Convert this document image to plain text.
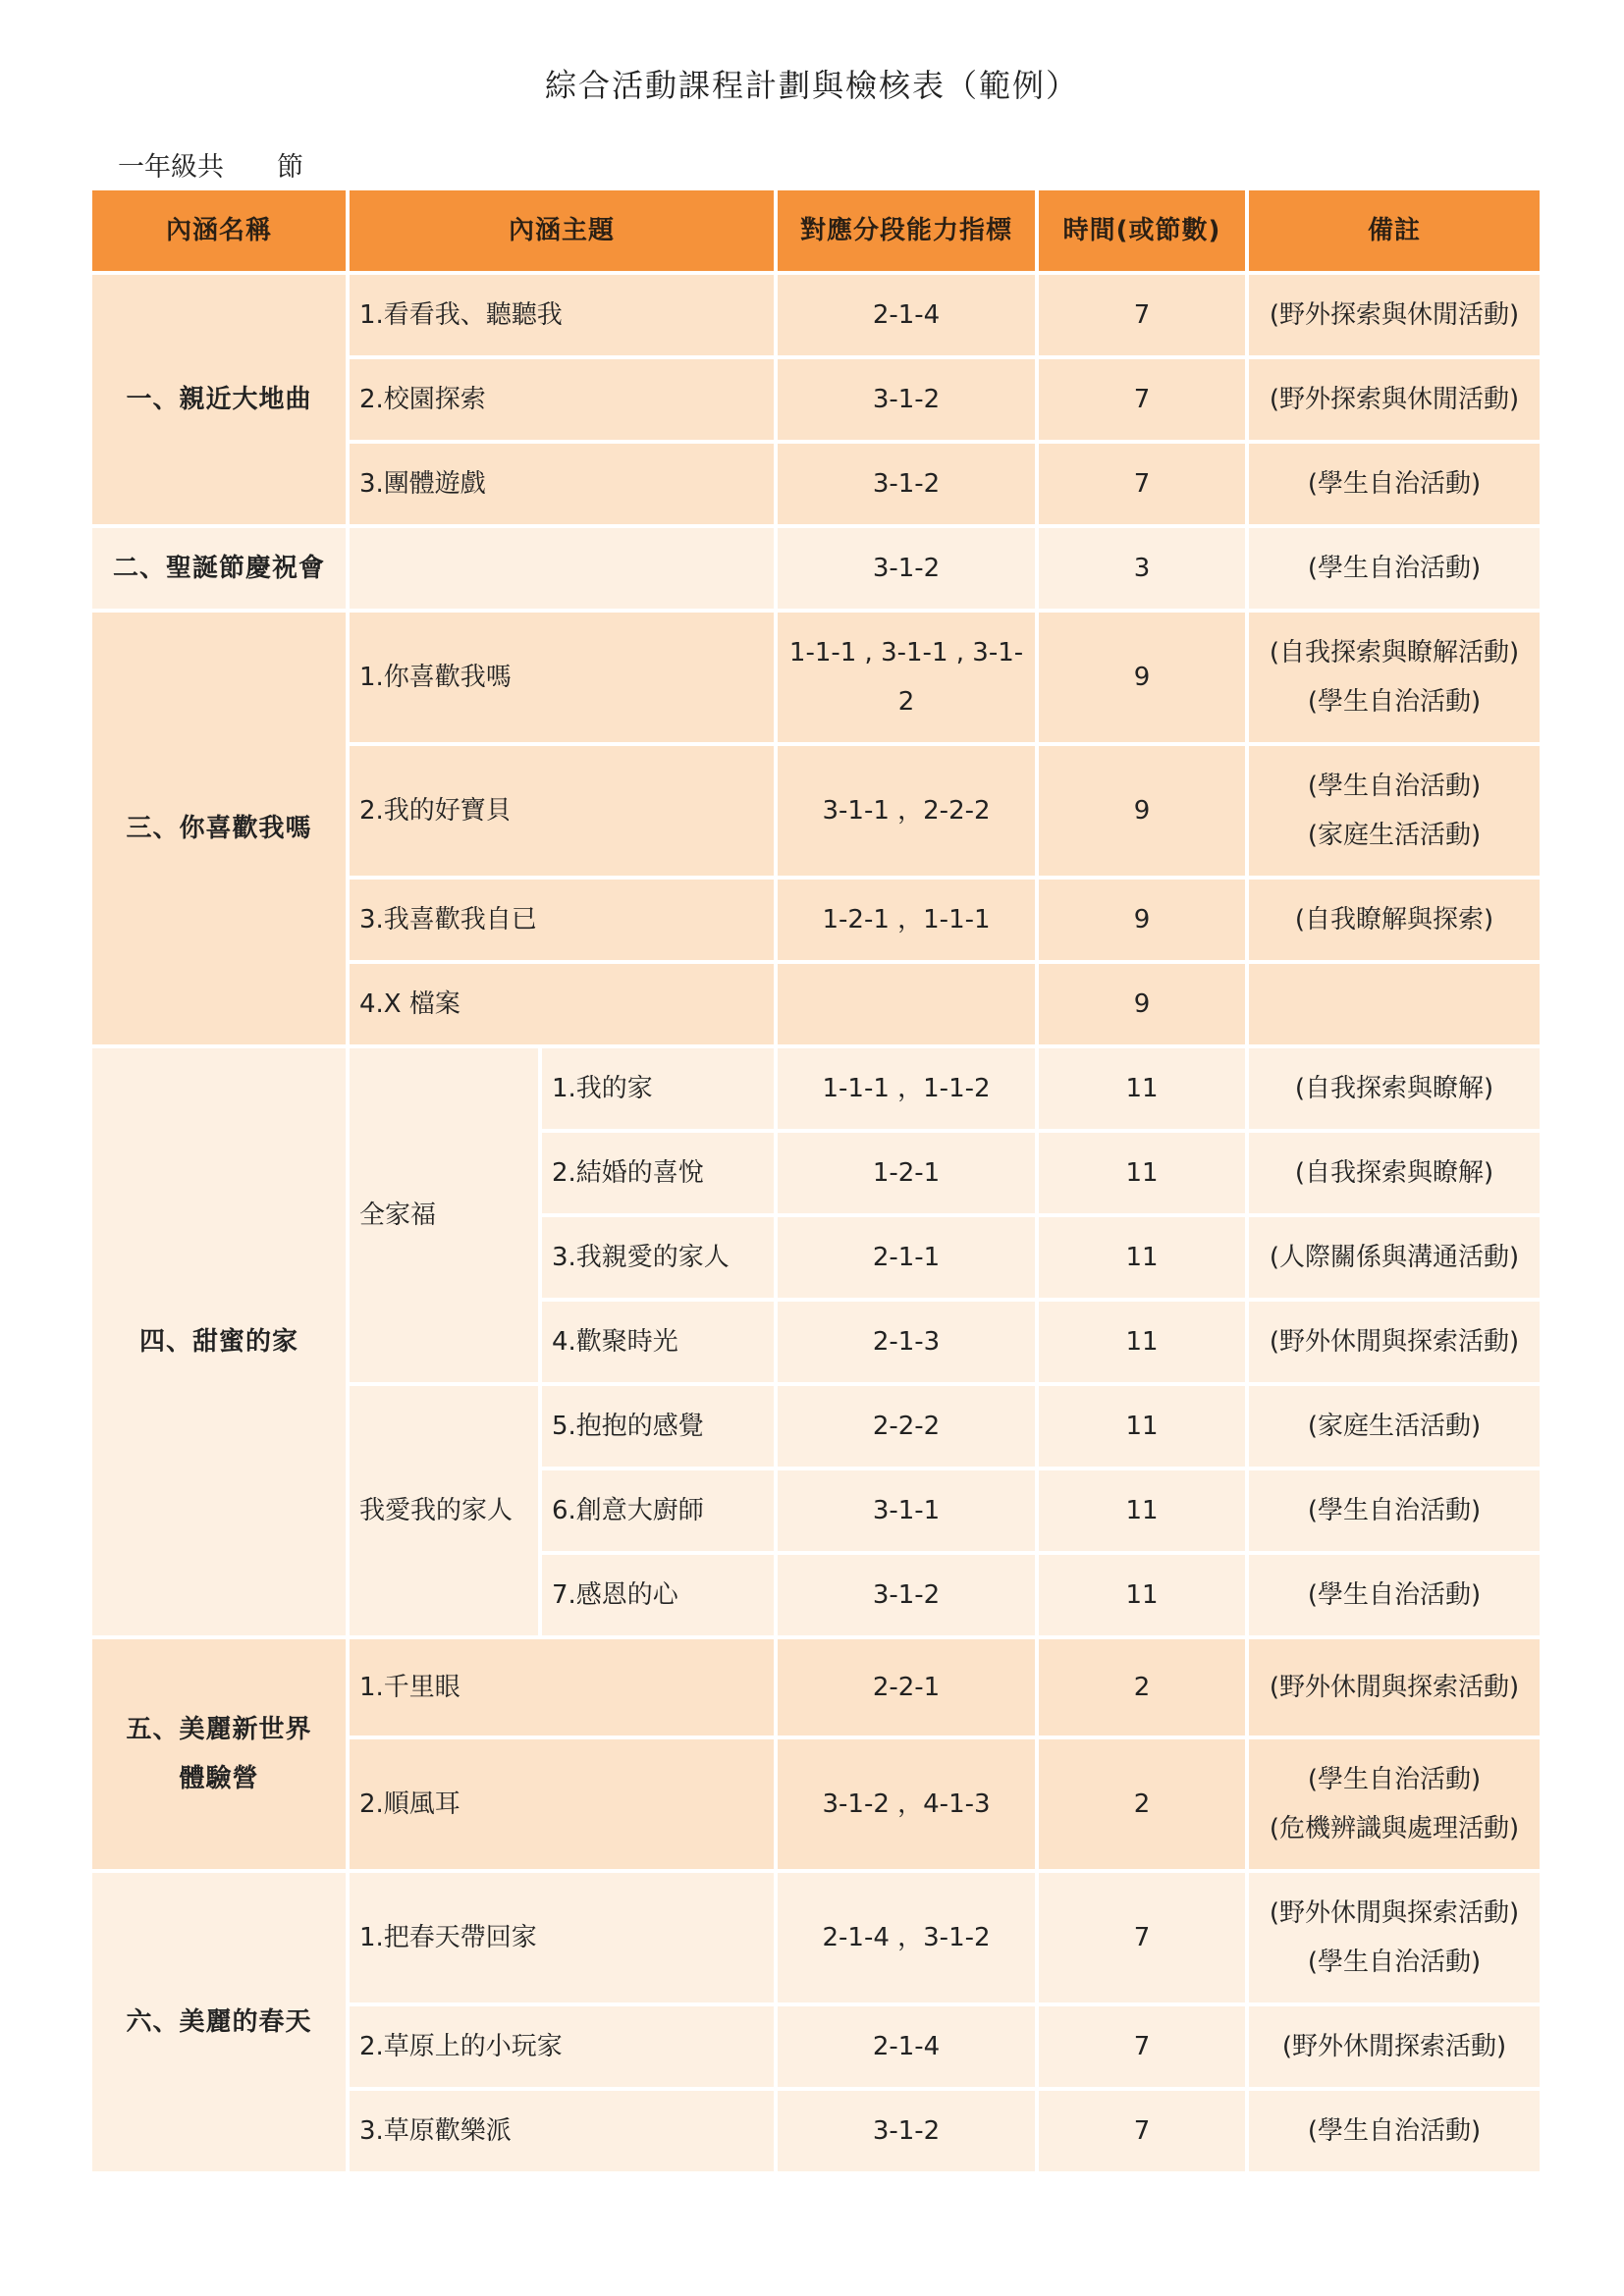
綜合活動課程計劃與檢核表（範例）
一年級共　　節
內涵名稱	內涵主題		對應分段能力指標	時間(或節數)	備註
一、親近大地曲	1.看看我、聽聽我		2-1-4	7	(野外探索與休閒活動)
	2.校園探索		3-1-2	7	(野外探索與休閒活動)
	3.團體遊戲		3-1-2	7	(學生自治活動)
二、聖誕節慶祝會			3-1-2	3	(學生自治活動)
三、你喜歡我嗎	1.你喜歡我嗎		1-1-1 , 3-1-1 , 3-1-2	9	(自我探索與瞭解活動)
(學生自治活動)

	2.我的好寶貝		3-1-1 ，2-2-2	9	(學生自治活動)
(家庭生活活動)

	3.我喜歡我自已		1-2-1 ，1-1-1	9	(自我瞭解與探索)
	4.X 檔案			9	
四、甜蜜的家	全家福	1.我的家	1-1-1 ，1-1-2	11	(自我探索與瞭解)
		2.結婚的喜悅	1-2-1	11	(自我探索與瞭解)
		3.我親愛的家人	2-1-1	11	(人際關係與溝通活動)
		4.歡聚時光	2-1-3	11	(野外休閒與探索活動)
	我愛我的家人	5.抱抱的感覺	2-2-2	11	(家庭生活活動)
		6.創意大廚師	3-1-1	11	(學生自治活動)
		7.感恩的心	3-1-2	11	(學生自治活動)

五、美麗新世界
體驗營	1.千里眼		2-2-1	2	(野外休閒與探索活動)
	2.順風耳		3-1-2 ，4-1-3	2	(學生自治活動)
(危機辨識與處理活動)

六、美麗的春天	1.把春天帶回家		2-1-4 ，3-1-2	7	(野外休閒與探索活動)
(學生自治活動)

	2.草原上的小玩家		2-1-4	7	(野外休閒探索活動)
	3.草原歡樂派		3-1-2	7	(學生自治活動)
